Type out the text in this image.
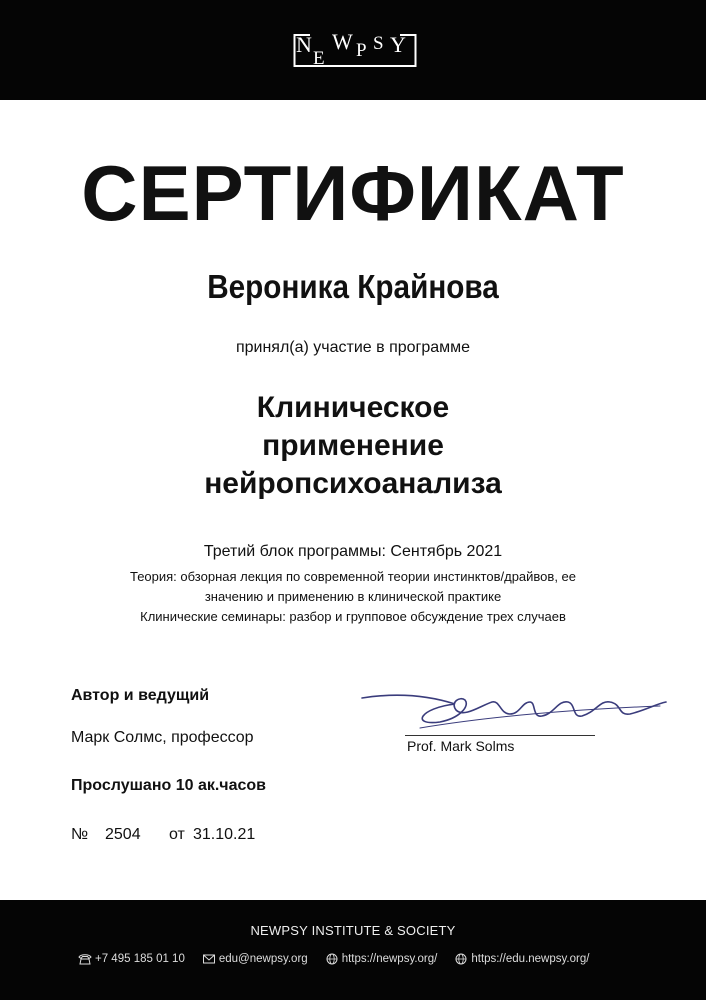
N
E
W P S Y
СЕРТИФИКАТ
Вероника Крайнова
принял(а) участие в программе
Клиническое
применение
нейропсихоанализа
Третий блок программы: Сентябрь 2021
Теория: обзорная лекция по современной теории инстинктов/драйвов, ее
значению и применению в клинической практике
Клинические семинары: разбор и групповое обсуждение трех случаев
Автор и ведущий
Марк Солмс, профессор
Прослушано 10 ак.часов
№ 2504 от 31.10.21
Prof. Mark Solms
NEWPSY INSTITUTE & SOCIETY
+7 495 185 01 10	edu@newpsy.org	https://newpsy.org/	https://edu.newpsy.org/
